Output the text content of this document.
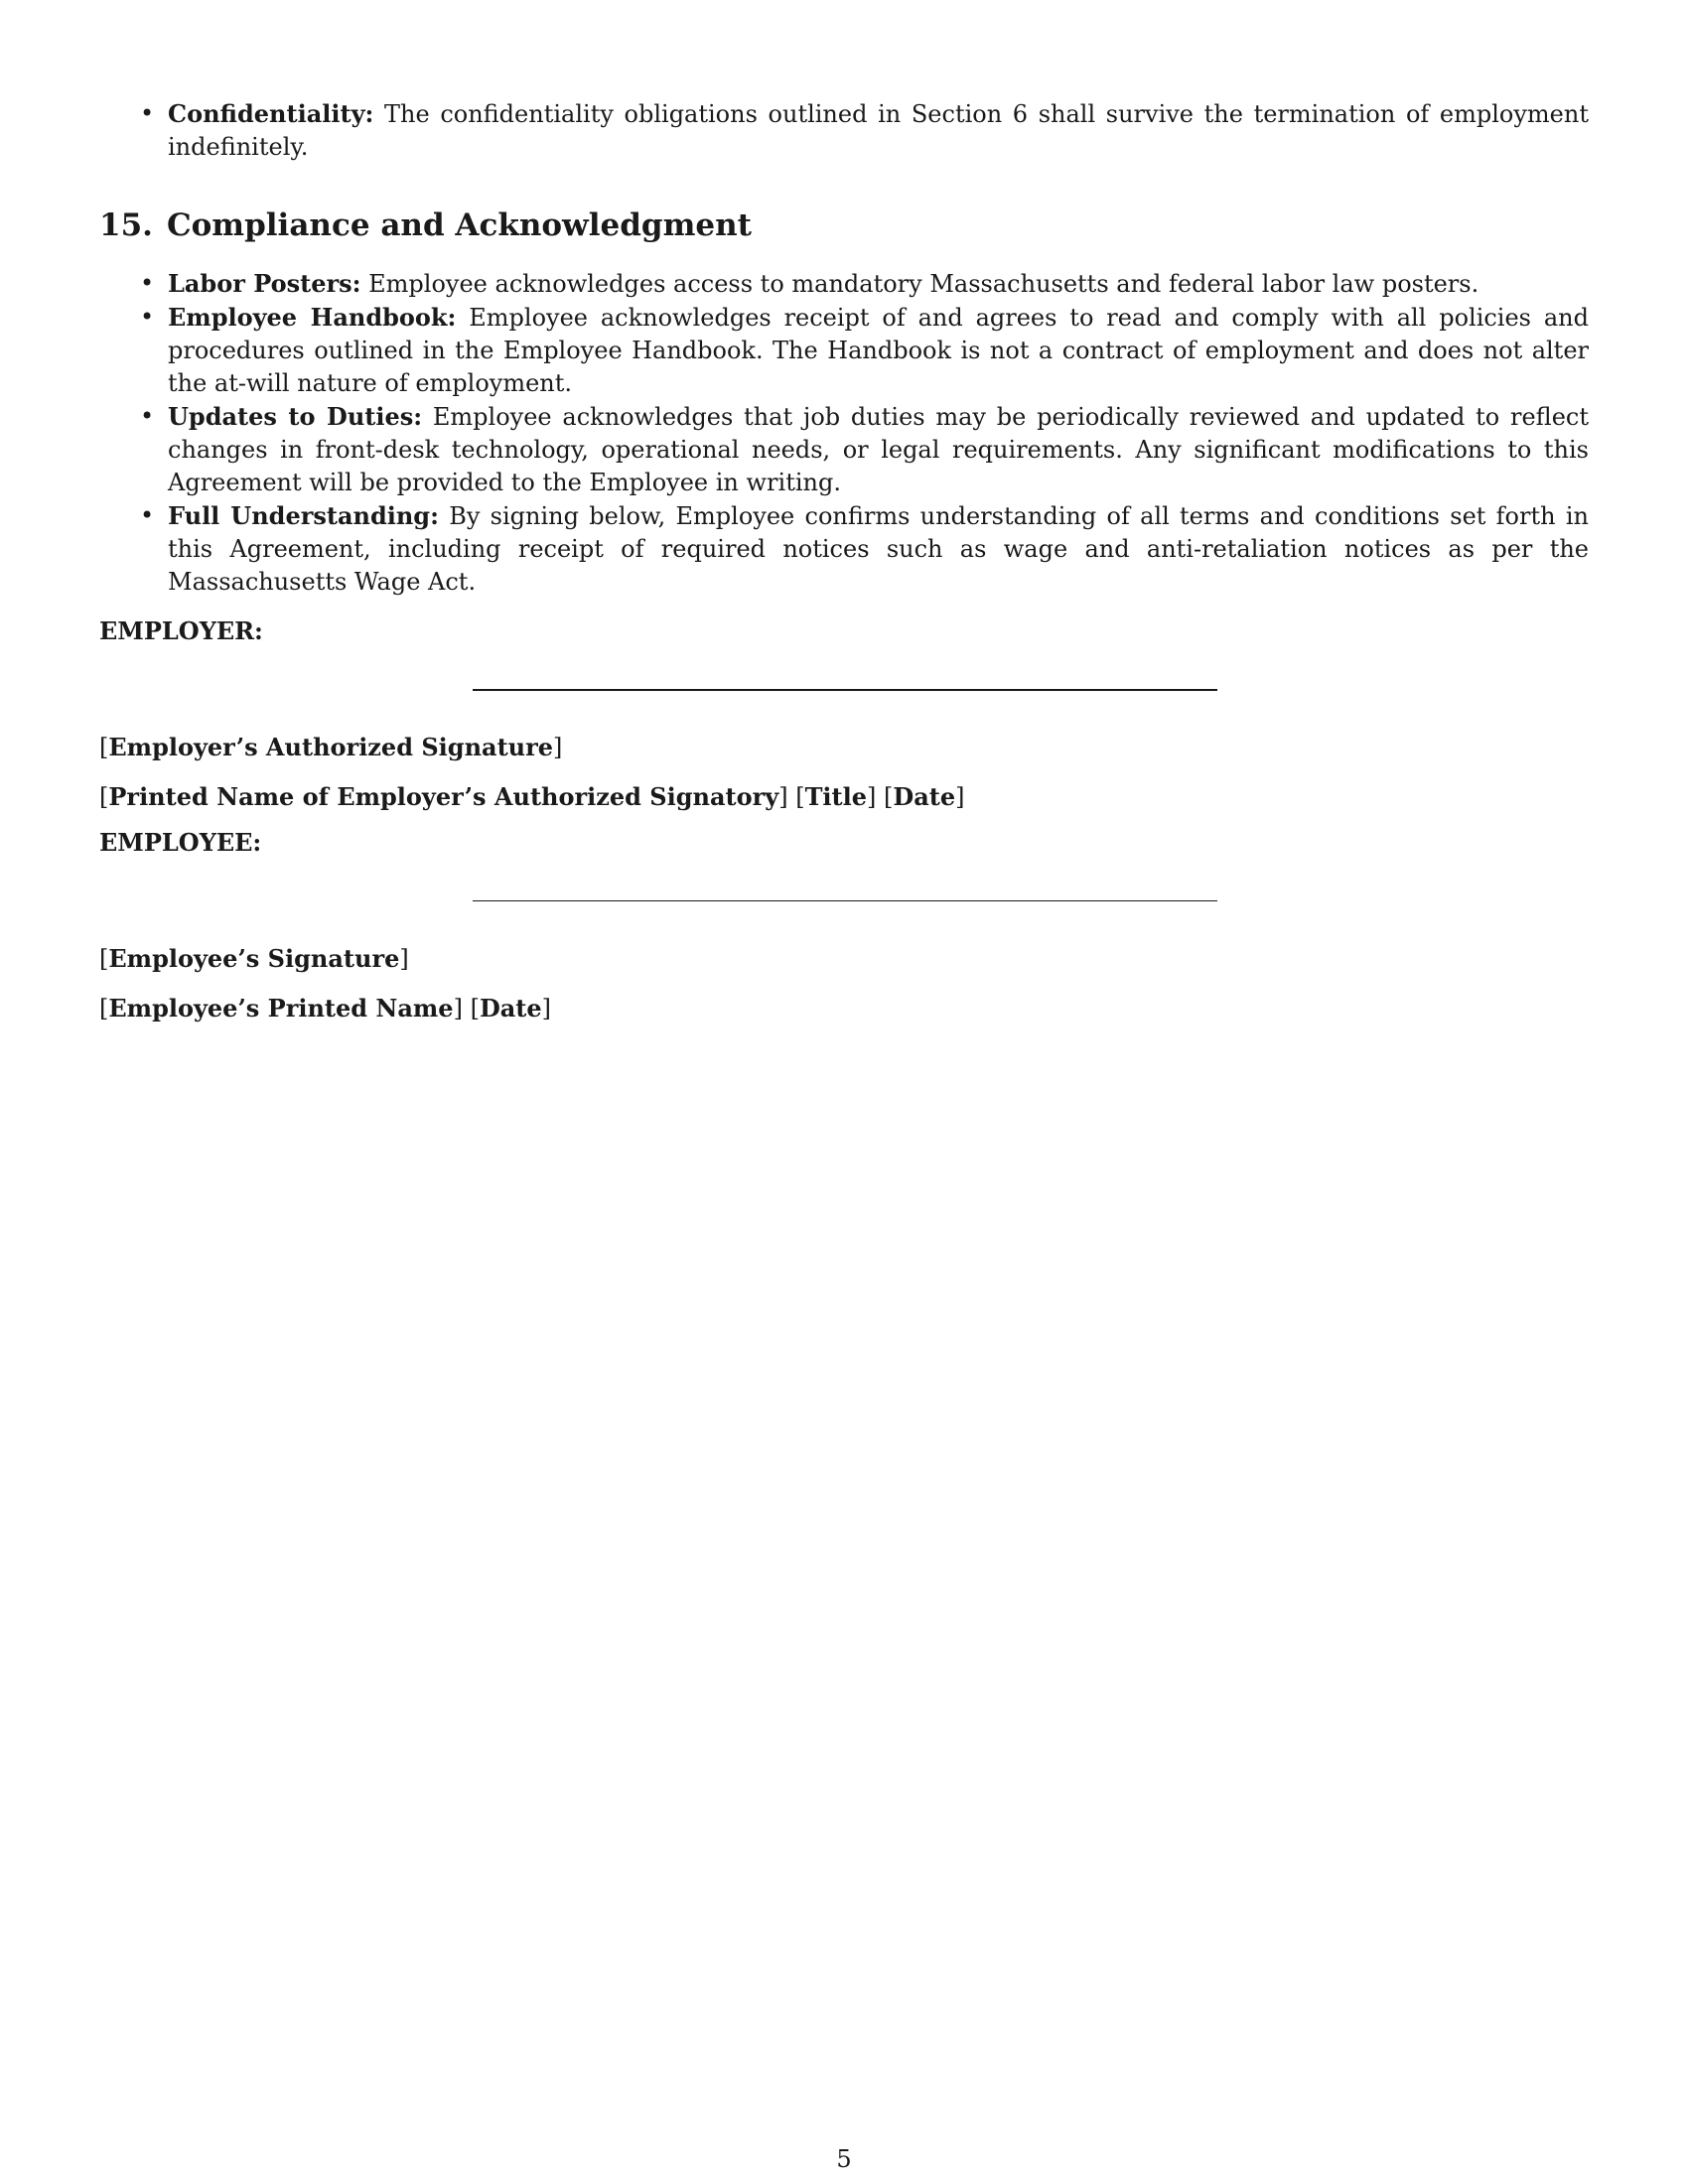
• Confidentiality: The confidentiality obligations outlined in Section 6 shall survive the termination of employment indefinitely.
15. Compliance and Acknowledgment
• Labor Posters: Employee acknowledges access to mandatory Massachusetts and federal labor law posters.
• Employee Handbook: Employee acknowledges receipt of and agrees to read and comply with all policies and procedures outlined in the Employee Handbook. The Handbook is not a contract of employment and does not alter the at-will nature of employment.
• Updates to Duties: Employee acknowledges that job duties may be periodically reviewed and updated to reflect changes in front-desk technology, operational needs, or legal requirements. Any significant modifications to this Agreement will be provided to the Employee in writing.
• Full Understanding: By signing below, Employee confirms understanding of all terms and conditions set forth in this Agreement, including receipt of required notices such as wage and anti-retaliation notices as per the Massachusetts Wage Act.
EMPLOYER:
[Employer’s Authorized Signature]
[Printed Name of Employer’s Authorized Signatory] [Title] [Date]
EMPLOYEE:
[Employee’s Signature]
[Employee’s Printed Name] [Date]
5
